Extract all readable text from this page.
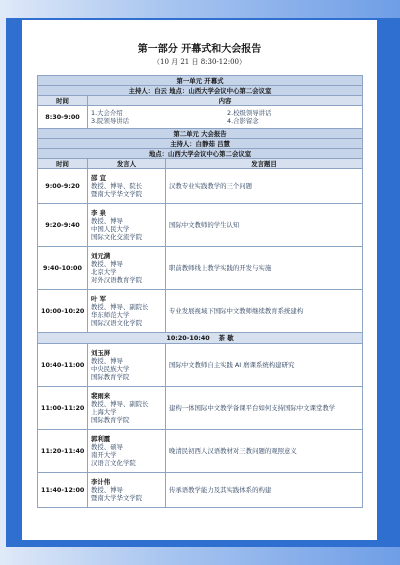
第一部分 开幕式和大会报告
（10 月 21 日 8:30-12:00）
第一单元 开幕式		
主持人：白云 地点：山西大学会议中心第二会议室		
时间	内容	
8:30-9:00	1.大会介绍 2.校级领导讲话
3.院领导讲话 4.合影留念	

第二单元 大会报告		
主持人：白静茹 吕慧		
地点：山西大学会议中心第二会议室		
时间	发言人	发言题目
9:00-9:20	邵 宜
教授、博导、院长
暨南大学华文学院	汉教专业实践教学的三个问题
9:20-9:40	李 泉
教授、博导
中国人民大学
国际文化交流学院	国际中文教师的学生认知
9:40-10:00	刘元满
教授、博导
北京大学
对外汉语教育学院	职前教师线上教学实践的开发与实施
10:00-10:20	叶 军
教授、博导、副院长
华东师范大学
国际汉语文化学院	专业发展视域下国际中文教师继续教育系统建构
10:20-10:40 茶 歇		
10:40-11:00	刘玉屏
教授、博导
中央民族大学
国际教育学院	国际中文教师自主实践 AI 磨课系统构建研究
11:00-11:20	裴雨来
教授、博导、副院长
上海大学
国际教育学院	建构一体国际中文教学备课平台如何支持国际中文课堂教学
11:20-11:40	郭利霞
教授、硕导
南开大学
汉语言文化学院	晚清民初西人汉语教材对三教问题的观照意义
11:40-12:00	李计伟
教授、博导
暨南大学华文学院	传承语教学能力及其实践体系的构建
